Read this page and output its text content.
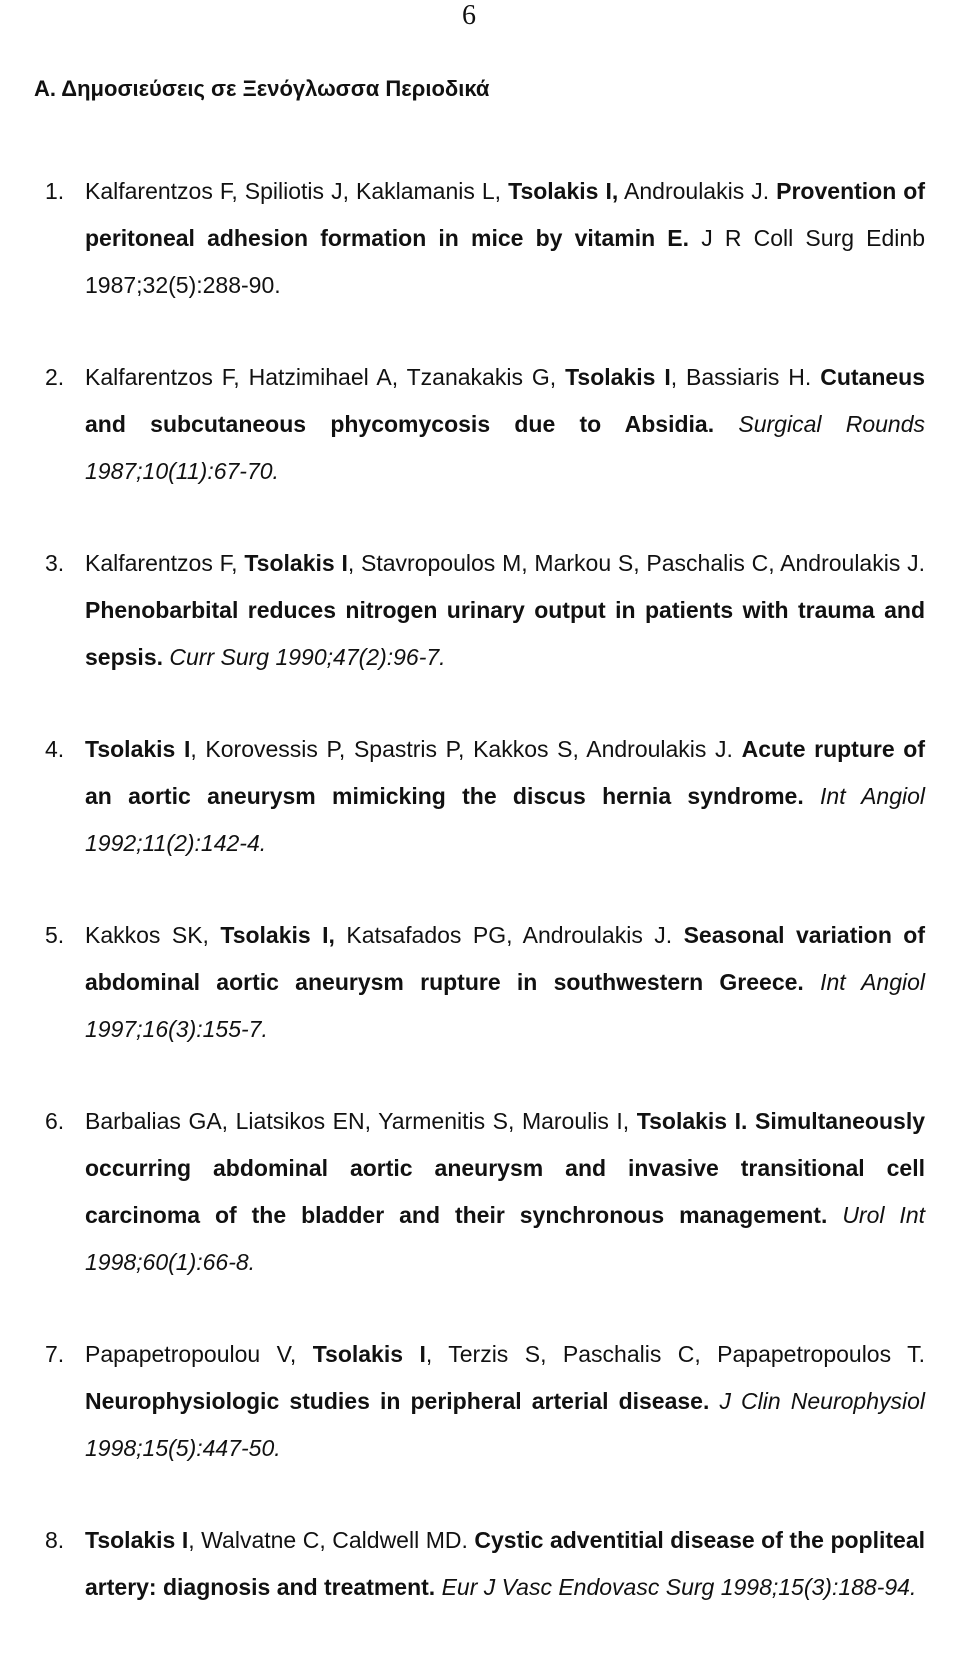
6
Α. Δημοσιεύσεις σε Ξενόγλωσσα Περιοδικά
1. Kalfarentzos F, Spiliotis J, Kaklamanis L, Tsolakis I, Androulakis J. Provention of peritoneal adhesion formation in mice by vitamin E. J R Coll Surg Edinb 1987;32(5):288-90.
2. Kalfarentzos F, Hatzimihael A, Tzanakakis G, Tsolakis I, Bassiaris H. Cutaneus and subcutaneous phycomycosis due to Absidia. Surgical Rounds 1987;10(11):67-70.
3. Kalfarentzos F, Tsolakis I, Stavropoulos M, Markou S, Paschalis C, Androulakis J. Phenobarbital reduces nitrogen urinary output in patients with trauma and sepsis. Curr Surg 1990;47(2):96-7.
4. Tsolakis I, Korovessis P, Spastris P, Kakkos S, Androulakis J. Acute rupture of an aortic aneurysm mimicking the discus hernia syndrome. Int Angiol 1992;11(2):142-4.
5. Kakkos SK, Tsolakis I, Katsafados PG, Androulakis J. Seasonal variation of abdominal aortic aneurysm rupture in southwestern Greece. Int Angiol 1997;16(3):155-7.
6. Barbalias GA, Liatsikos EN, Yarmenitis S, Maroulis I, Tsolakis I. Simultaneously occurring abdominal aortic aneurysm and invasive transitional cell carcinoma of the bladder and their synchronous management. Urol Int 1998;60(1):66-8.
7. Papapetropoulou V, Tsolakis I, Terzis S, Paschalis C, Papapetropoulos T. Neurophysiologic studies in peripheral arterial disease. J Clin Neurophysiol 1998;15(5):447-50.
8. Tsolakis I, Walvatne C, Caldwell MD. Cystic adventitial disease of the popliteal artery: diagnosis and treatment. Eur J Vasc Endovasc Surg 1998;15(3):188-94.
